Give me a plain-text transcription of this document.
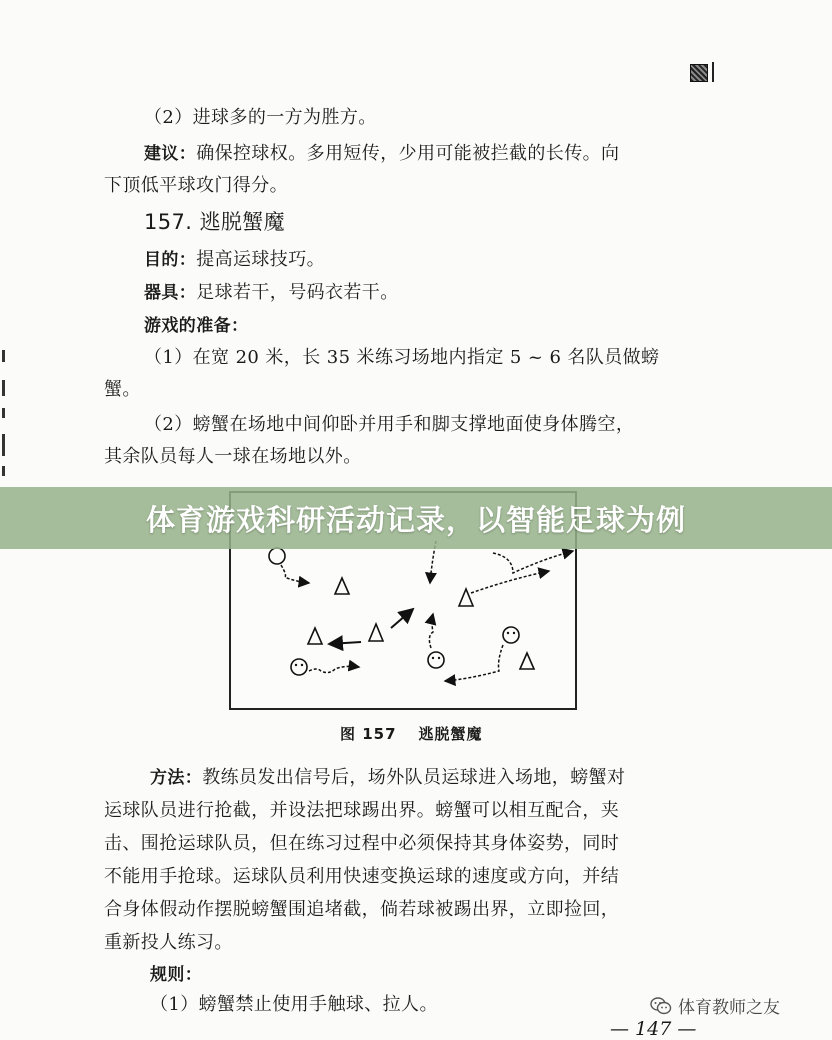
（2）进球多的一方为胜方。
建议：确保控球权。多用短传，少用可能被拦截的长传。向
下顶低平球攻门得分。
157. 逃脱蟹魔
目的：提高运球技巧。
器具：足球若干，号码衣若干。
游戏的准备：
（1）在宽 20 米，长 35 米练习场地内指定 5 ~ 6 名队员做螃
蟹。
（2）螃蟹在场地中间仰卧并用手和脚支撑地面使身体腾空，
其余队员每人一球在场地以外。
图 157 逃脱蟹魔
方法：教练员发出信号后，场外队员运球进入场地，螃蟹对
运球队员进行抢截，并设法把球踢出界。螃蟹可以相互配合，夹
击、围抢运球队员，但在练习过程中必须保持其身体姿势，同时
不能用手抢球。运球队员利用快速变换运球的速度或方向，并结
合身体假动作摆脱螃蟹围追堵截，倘若球被踢出界，立即捡回，
重新投人练习。
规则：
（1）螃蟹禁止使用手触球、拉人。
— 147 —
体育游戏科研活动记录，以智能足球为例
体育教师之友
